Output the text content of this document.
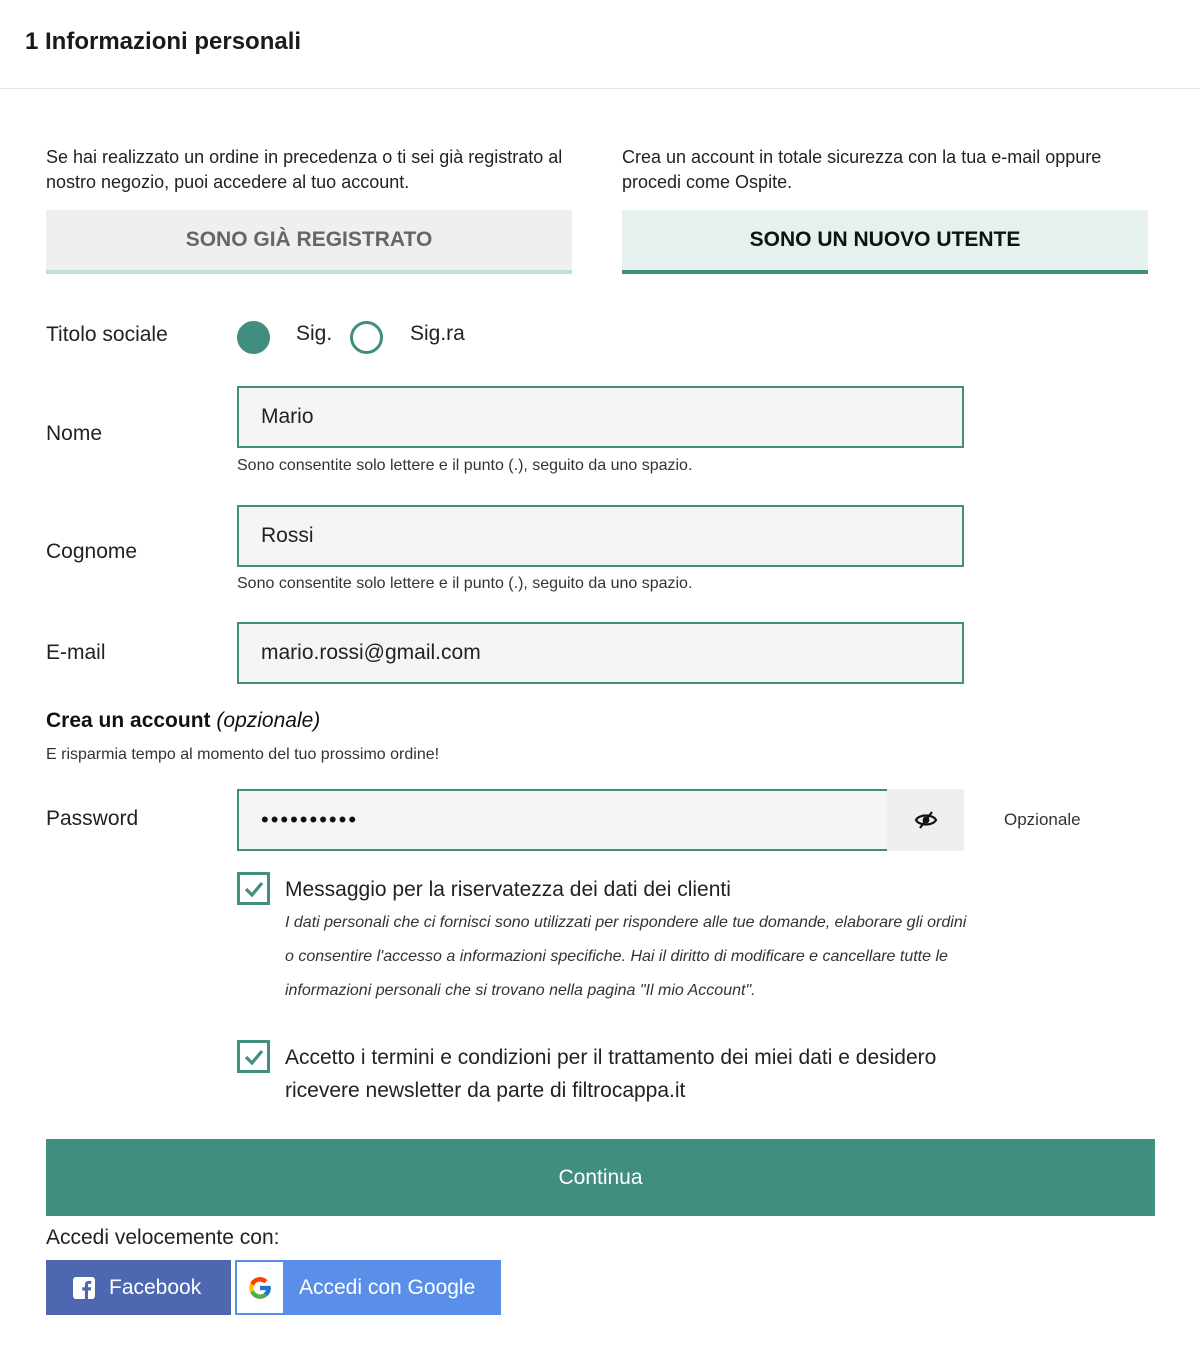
1 Informazioni personali
Se hai realizzato un ordine in precedenza o ti sei già registrato al nostro negozio, puoi accedere al tuo account.
Crea un account in totale sicurezza con la tua e-mail oppure procedi come Ospite.
SONO GIÀ REGISTRATO	SONO UN NUOVO UTENTE
Titolo sociale	Sig.	Sig.ra
Nome
Mario
Sono consentite solo lettere e il punto (.), seguito da uno spazio.
Cognome
Rossi
Sono consentite solo lettere e il punto (.), seguito da uno spazio.
E-mail	mario.rossi@gmail.com
Crea un account (opzionale)
E risparmia tempo al momento del tuo prossimo ordine!
Password	••••••••••	Opzionale
Messaggio per la riservatezza dei dati dei clienti
I dati personali che ci fornisci sono utilizzati per rispondere alle tue domande, elaborare gli ordini o consentire l'accesso a informazioni specifiche. Hai il diritto di modificare e cancellare tutte le informazioni personali che si trovano nella pagina "Il mio Account".
Accetto i termini e condizioni per il trattamento dei miei dati e desidero ricevere newsletter da parte di filtrocappa.it
Continua
Accedi velocemente con:
Facebook	Accedi con Google
